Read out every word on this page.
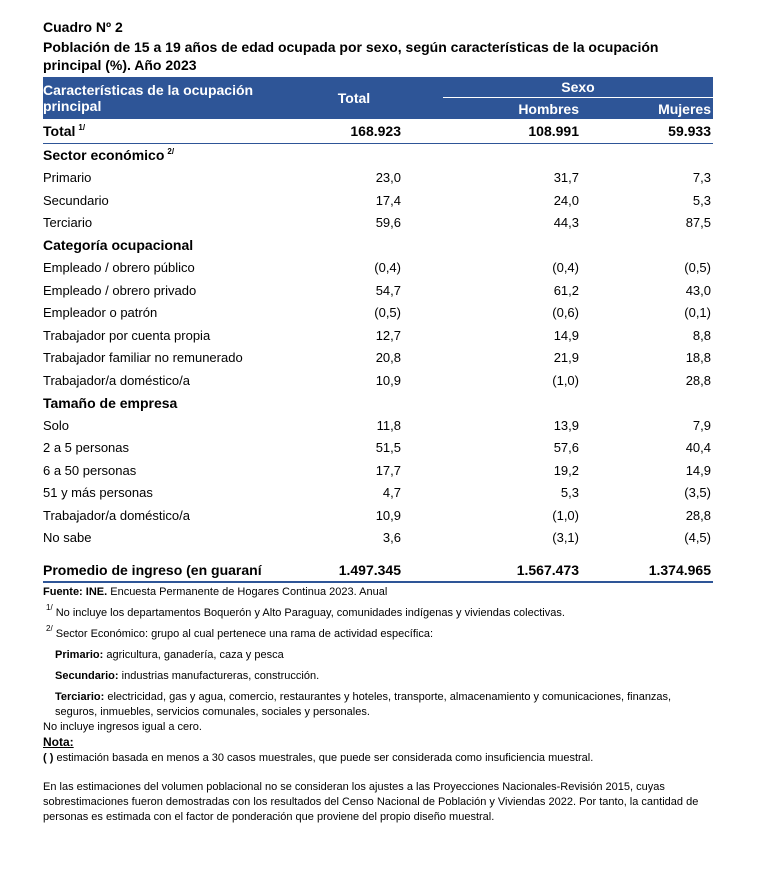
Cuadro Nº 2
Población de 15 a 19 años de edad ocupada por sexo, según características de la ocupación principal (%). Año 2023
Características de la ocupación principal	Total	Sexo	

		Hombres	Mujeres
Total $^{1/}$	168.923	108.991	59.933
Sector económico $^{2/}$
Primario	23,0	31,7	7,3
Secundario	17,4	24,0	5,3
Terciario	59,6	44,3	87,5
Categoría ocupacional			
Empleado / obrero público	(0,4)	(0,4)	(0,5)
Empleado / obrero privado	54,7	61,2	43,0
Empleador o patrón	(0,5)	(0,6)	(0,1)
Trabajador por cuenta propia	12,7	14,9	8,8
Trabajador familiar no remunerado	20,8	21,9	18,8
Trabajador/a doméstico/a	10,9	(1,0)	28,8
Tamaño de empresa			
Solo	11,8	13,9	7,9
2 a 5 personas	51,5	57,6	40,4
6 a 50 personas	17,7	19,2	14,9
51 y más personas	4,7	5,3	(3,5)
Trabajador/a doméstico/a	10,9	(1,0)	28,8
No sabe	3,6	(3,1)	(4,5)

Promedio de ingreso (en guaraní	1.497.345	1.567.473	1.374.965

Fuente: INE. Encuesta Permanente de Hogares Continua 2023. Anual

$^{1/}$ No incluye los departamentos Boquerón y Alto Paraguay, comunidades indígenas y viviendas colectivas.

$^{2/}$ Sector Económico: grupo al cual pertenece una rama de actividad específica:

Primario: agricultura, ganadería, caza y pesca

Secundario: industrias manufactureras, construcción.

Terciario: electricidad, gas y agua, comercio, restaurantes y hoteles, transporte, almacenamiento y comunicaciones, finanzas, seguros, inmuebles, servicios comunales, sociales y personales.

No incluye ingresos igual a cero.

Nota:

( ) estimación basada en menos a 30 casos muestrales, que puede ser considerada como insuficiencia muestral.

En las estimaciones del volumen poblacional no se consideran los ajustes a las Proyecciones Nacionales-Revisión 2015, cuyas sobrestimaciones fueron demostradas con los resultados del Censo Nacional de Población y Viviendas 2022. Por tanto, la cantidad de personas es estimada con el factor de ponderación que proviene del propio diseño muestral.
